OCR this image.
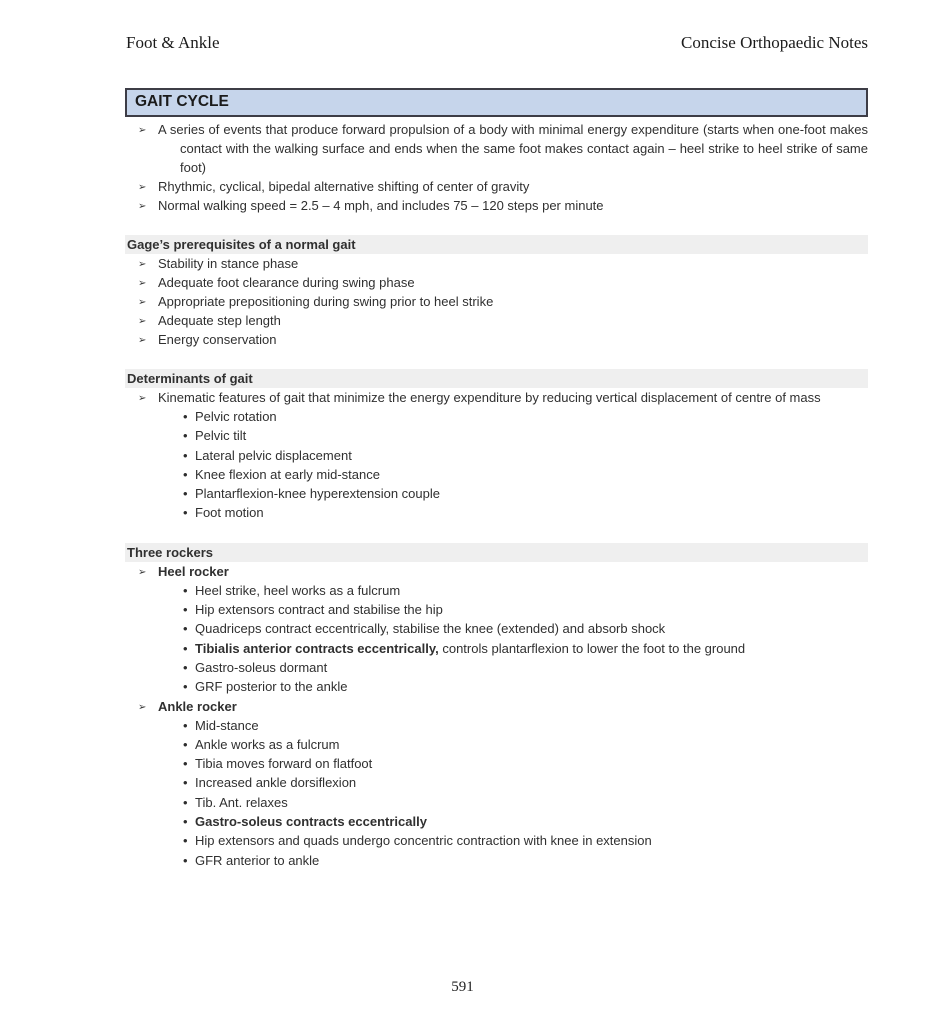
Foot & Ankle	Concise Orthopaedic Notes
GAIT CYCLE
➢ A series of events that produce forward propulsion of a body with minimal energy expenditure (starts when one-foot makes contact with the walking surface and ends when the same foot makes contact again – heel strike to heel strike of same foot)
➢ Rhythmic, cyclical, bipedal alternative shifting of center of gravity
➢ Normal walking speed = 2.5 – 4 mph, and includes 75 – 120 steps per minute
Gage’s prerequisites of a normal gait
➢ Stability in stance phase
➢ Adequate foot clearance during swing phase
➢ Appropriate prepositioning during swing prior to heel strike
➢ Adequate step length
➢ Energy conservation
Determinants of gait
➢ Kinematic features of gait that minimize the energy expenditure by reducing vertical displacement of centre of mass
• Pelvic rotation
• Pelvic tilt
• Lateral pelvic displacement
• Knee flexion at early mid-stance
• Plantarflexion-knee hyperextension couple
• Foot motion
Three rockers
➢ Heel rocker
• Heel strike, heel works as a fulcrum
• Hip extensors contract and stabilise the hip
• Quadriceps contract eccentrically, stabilise the knee (extended) and absorb shock
• Tibialis anterior contracts eccentrically, controls plantarflexion to lower the foot to the ground
• Gastro-soleus dormant
• GRF posterior to the ankle
➢ Ankle rocker
• Mid-stance
• Ankle works as a fulcrum
• Tibia moves forward on flatfoot
• Increased ankle dorsiflexion
• Tib. Ant. relaxes
• Gastro-soleus contracts eccentrically
• Hip extensors and quads undergo concentric contraction with knee in extension
• GFR anterior to ankle
591
